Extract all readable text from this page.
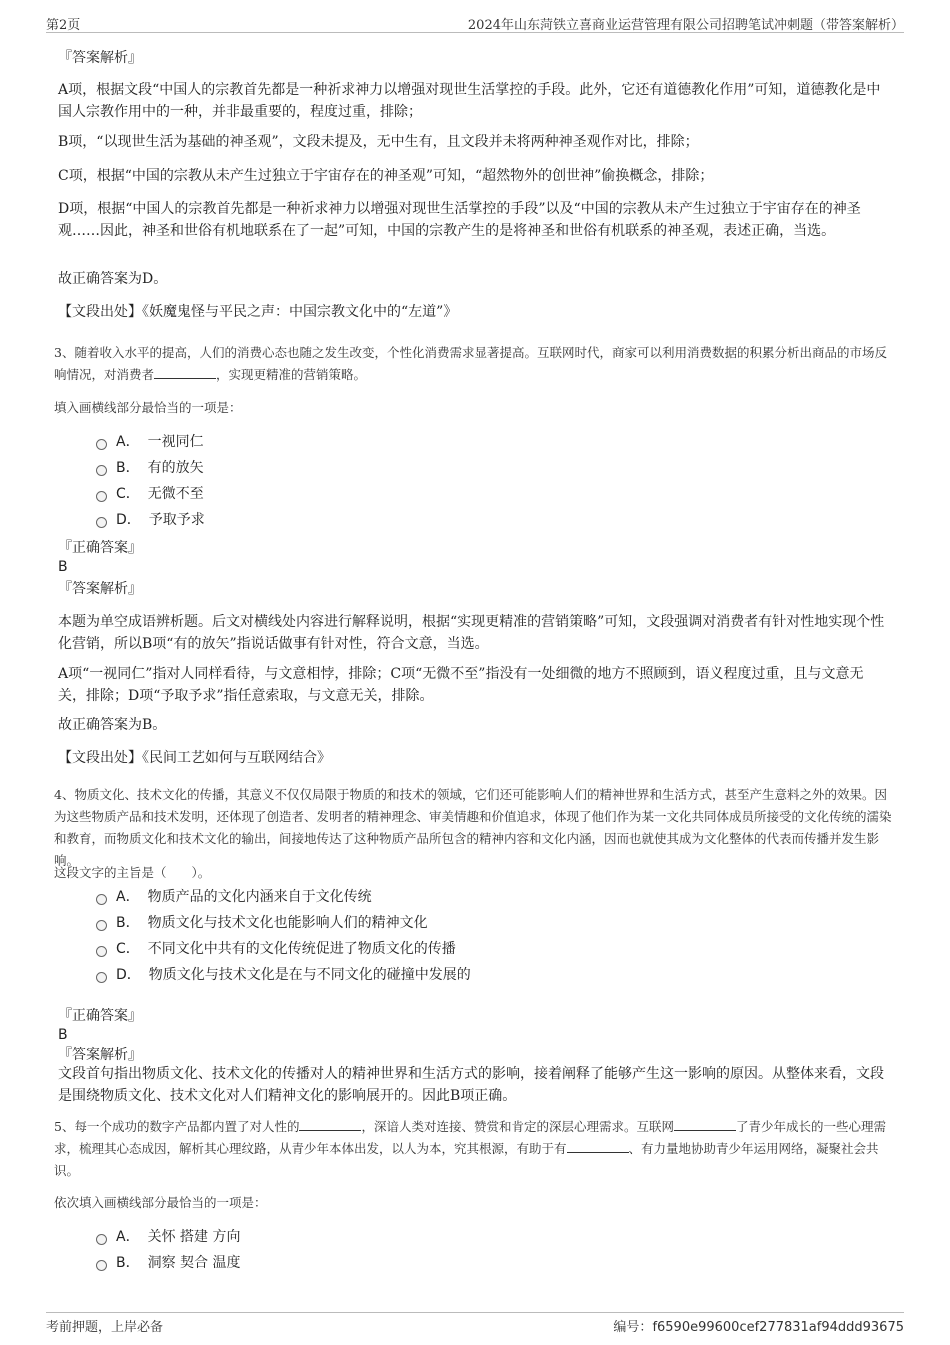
第2页	2024年山东菏铁立喜商业运营管理有限公司招聘笔试冲刺题（带答案解析）
『答案解析』
A项，根据文段“中国人的宗教首先都是一种祈求神力以增强对现世生活掌控的手段。此外，它还有道德教化作用”可知，道德教化是中国人宗教作用中的一种，并非最重要的，程度过重，排除；
B项，“以现世生活为基础的神圣观”，文段未提及，无中生有，且文段并未将两种神圣观作对比，排除；
C项，根据“中国的宗教从未产生过独立于宇宙存在的神圣观”可知，“超然物外的创世神”偷换概念，排除；
D项，根据“中国人的宗教首先都是一种祈求神力以增强对现世生活掌控的手段”以及“中国的宗教从未产生过独立于宇宙存在的神圣观……因此，神圣和世俗有机地联系在了一起”可知，中国的宗教产生的是将神圣和世俗有机联系的神圣观，表述正确，当选。
故正确答案为D。
【文段出处】《妖魔鬼怪与平民之声：中国宗教文化中的“左道”》
3、随着收入水平的提高，人们的消费心态也随之发生改变，个性化消费需求显著提高。互联网时代，商家可以利用消费数据的积累分析出商品的市场反响情况，对消费者	，实现更精准的营销策略。
填入画横线部分最恰当的一项是：
A． 一视同仁
B． 有的放矢
C． 无微不至
D． 予取予求
『正确答案』
B
『答案解析』
本题为单空成语辨析题。后文对横线处内容进行解释说明，根据“实现更精准的营销策略”可知，文段强调对消费者有针对性地实现个性化营销，所以B项“有的放矢”指说话做事有针对性，符合文意，当选。
A项“一视同仁”指对人同样看待，与文意相悖，排除；C项“无微不至”指没有一处细微的地方不照顾到，语义程度过重，且与文意无关，排除；D项“予取予求”指任意索取，与文意无关，排除。
故正确答案为B。
【文段出处】《民间工艺如何与互联网结合》
4、物质文化、技术文化的传播，其意义不仅仅局限于物质的和技术的领域，它们还可能影响人们的精神世界和生活方式，甚至产生意料之外的效果。因为这些物质产品和技术发明，还体现了创造者、发明者的精神理念、审美情趣和价值追求，体现了他们作为某一文化共同体成员所接受的文化传统的濡染和教育，而物质文化和技术文化的输出，间接地传达了这种物质产品所包含的精神内容和文化内涵，因而也就使其成为文化整体的代表而传播并发生影响。
这段文字的主旨是（　　）。
A． 物质产品的文化内涵来自于文化传统
B． 物质文化与技术文化也能影响人们的精神文化
C． 不同文化中共有的文化传统促进了物质文化的传播
D． 物质文化与技术文化是在与不同文化的碰撞中发展的
『正确答案』
B
『答案解析』
文段首句指出物质文化、技术文化的传播对人的精神世界和生活方式的影响，接着阐释了能够产生这一影响的原因。从整体来看，文段是围绕物质文化、技术文化对人们精神文化的影响展开的。因此B项正确。
5、每一个成功的数字产品都内置了对人性的	，深谙人类对连接、赞赏和肯定的深层心理需求。互联网	了青少年成长的一些心理需求，梳理其心态成因，解析其心理纹路，从青少年本体出发，以人为本，究其根源，有助于有	、有力量地协助青少年运用网络，凝聚社会共识。
依次填入画横线部分最恰当的一项是：
A． 关怀 搭建 方向
B． 洞察 契合 温度
考前押题，上岸必备	编号：f6590e99600cef277831af94ddd93675
